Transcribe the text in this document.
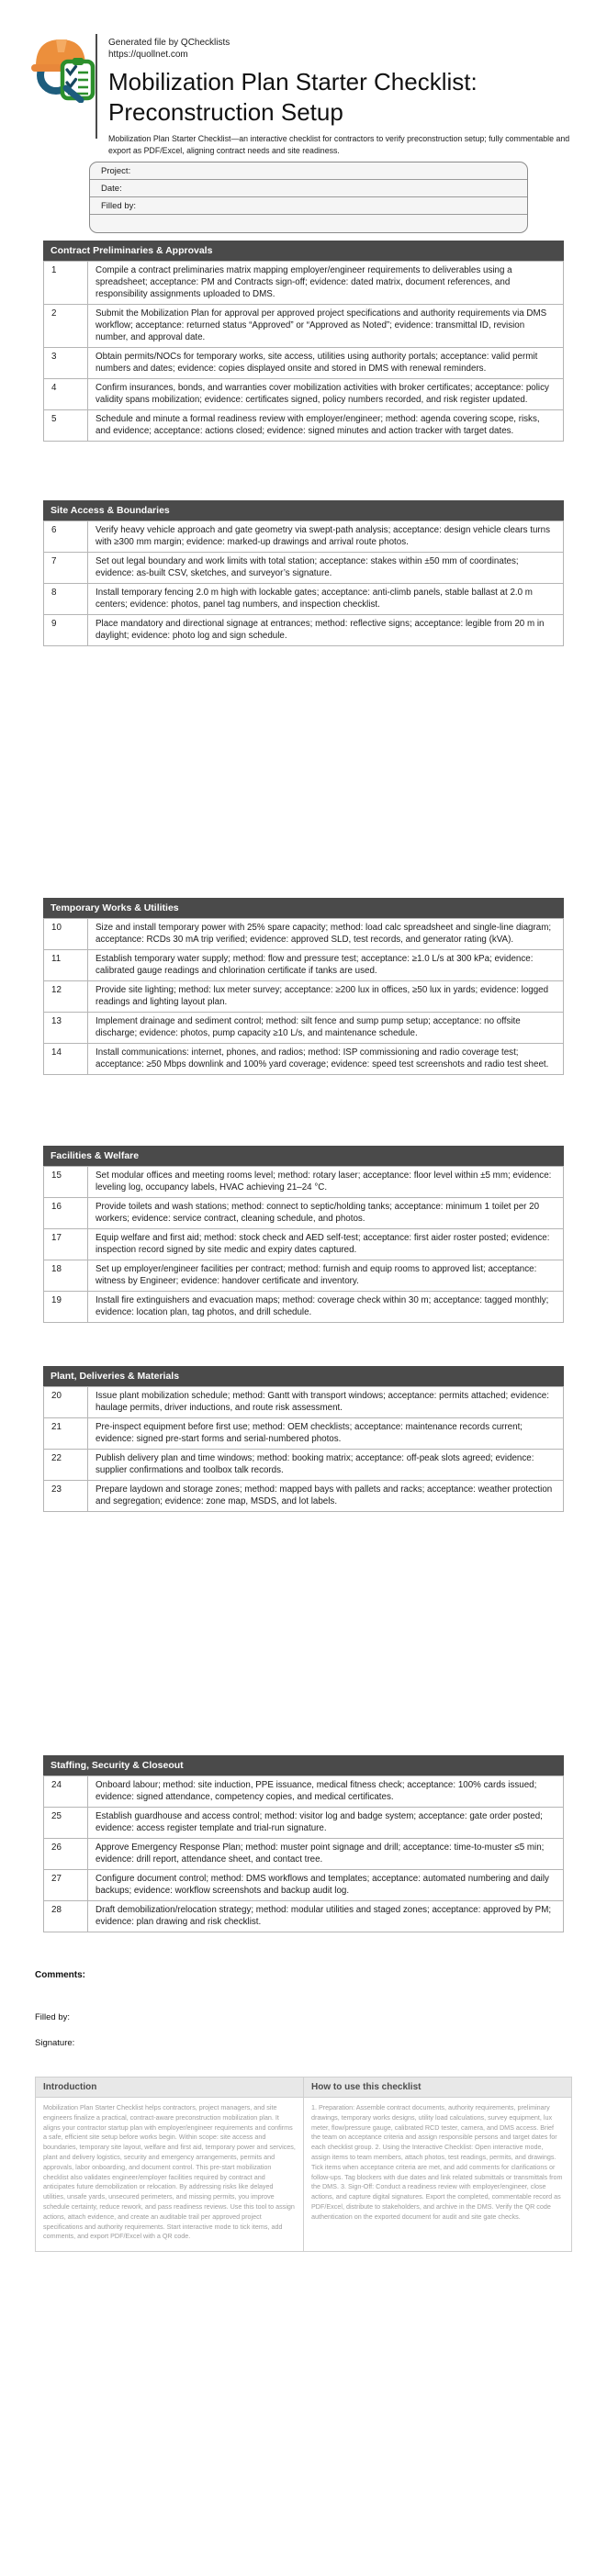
Generated file by QChecklists
https://quollnet.com
Mobilization Plan Starter Checklist: Preconstruction Setup
Mobilization Plan Starter Checklist—an interactive checklist for contractors to verify preconstruction setup; fully commentable and export as PDF/Excel, aligning contract needs and site readiness.
Project:
Date:
Filled by:
Contract Preliminaries & Approvals
1	Compile a contract preliminaries matrix mapping employer/engineer requirements to deliverables using a spreadsheet; acceptance: PM and Contracts sign-off; evidence: dated matrix, document references, and responsibility assignments uploaded to DMS.
2	Submit the Mobilization Plan for approval per approved project specifications and authority requirements via DMS workflow; acceptance: returned status “Approved” or “Approved as Noted”; evidence: transmittal ID, revision number, and approval date.
3	Obtain permits/NOCs for temporary works, site access, utilities using authority portals; acceptance: valid permit numbers and dates; evidence: copies displayed onsite and stored in DMS with renewal reminders.
4	Confirm insurances, bonds, and warranties cover mobilization activities with broker certificates; acceptance: policy validity spans mobilization; evidence: certificates signed, policy numbers recorded, and risk register updated.
5	Schedule and minute a formal readiness review with employer/engineer; method: agenda covering scope, risks, and evidence; acceptance: actions closed; evidence: signed minutes and action tracker with target dates.
Site Access & Boundaries
6	Verify heavy vehicle approach and gate geometry via swept-path analysis; acceptance: design vehicle clears turns with ≥300 mm margin; evidence: marked-up drawings and arrival route photos.
7	Set out legal boundary and work limits with total station; acceptance: stakes within ±50 mm of coordinates; evidence: as-built CSV, sketches, and surveyor’s signature.
8	Install temporary fencing 2.0 m high with lockable gates; acceptance: anti-climb panels, stable ballast at 2.0 m centers; evidence: photos, panel tag numbers, and inspection checklist.
9	Place mandatory and directional signage at entrances; method: reflective signs; acceptance: legible from 20 m in daylight; evidence: photo log and sign schedule.
Temporary Works & Utilities
10	Size and install temporary power with 25% spare capacity; method: load calc spreadsheet and single-line diagram; acceptance: RCDs 30 mA trip verified; evidence: approved SLD, test records, and generator rating (kVA).
11	Establish temporary water supply; method: flow and pressure test; acceptance: ≥1.0 L/s at 300 kPa; evidence: calibrated gauge readings and chlorination certificate if tanks are used.
12	Provide site lighting; method: lux meter survey; acceptance: ≥200 lux in offices, ≥50 lux in yards; evidence: logged readings and lighting layout plan.
13	Implement drainage and sediment control; method: silt fence and sump pump setup; acceptance: no offsite discharge; evidence: photos, pump capacity ≥10 L/s, and maintenance schedule.
14	Install communications: internet, phones, and radios; method: ISP commissioning and radio coverage test; acceptance: ≥50 Mbps downlink and 100% yard coverage; evidence: speed test screenshots and radio test sheet.
Facilities & Welfare
15	Set modular offices and meeting rooms level; method: rotary laser; acceptance: floor level within ±5 mm; evidence: leveling log, occupancy labels, HVAC achieving 21–24 °C.
16	Provide toilets and wash stations; method: connect to septic/holding tanks; acceptance: minimum 1 toilet per 20 workers; evidence: service contract, cleaning schedule, and photos.
17	Equip welfare and first aid; method: stock check and AED self-test; acceptance: first aider roster posted; evidence: inspection record signed by site medic and expiry dates captured.
18	Set up employer/engineer facilities per contract; method: furnish and equip rooms to approved list; acceptance: witness by Engineer; evidence: handover certificate and inventory.
19	Install fire extinguishers and evacuation maps; method: coverage check within 30 m; acceptance: tagged monthly; evidence: location plan, tag photos, and drill schedule.
Plant, Deliveries & Materials
20	Issue plant mobilization schedule; method: Gantt with transport windows; acceptance: permits attached; evidence: haulage permits, driver inductions, and route risk assessment.
21	Pre-inspect equipment before first use; method: OEM checklists; acceptance: maintenance records current; evidence: signed pre-start forms and serial-numbered photos.
22	Publish delivery plan and time windows; method: booking matrix; acceptance: off-peak slots agreed; evidence: supplier confirmations and toolbox talk records.
23	Prepare laydown and storage zones; method: mapped bays with pallets and racks; acceptance: weather protection and segregation; evidence: zone map, MSDS, and lot labels.
Staffing, Security & Closeout
24	Onboard labour; method: site induction, PPE issuance, medical fitness check; acceptance: 100% cards issued; evidence: signed attendance, competency copies, and medical certificates.
25	Establish guardhouse and access control; method: visitor log and badge system; acceptance: gate order posted; evidence: access register template and trial-run signature.
26	Approve Emergency Response Plan; method: muster point signage and drill; acceptance: time-to-muster ≤5 min; evidence: drill report, attendance sheet, and contact tree.
27	Configure document control; method: DMS workflows and templates; acceptance: automated numbering and daily backups; evidence: workflow screenshots and backup audit log.
28	Draft demobilization/relocation strategy; method: modular utilities and staged zones; acceptance: approved by PM; evidence: plan drawing and risk checklist.
Comments:
Filled by:
Signature:
Introduction	How to use this checklist
Mobilization Plan Starter Checklist helps contractors, project managers, and site engineers finalize a practical, contract-aware preconstruction mobilization plan. It aligns your contractor startup plan with employer/engineer requirements and confirms a safe, efficient site setup before works begin. Within scope: site access and boundaries, temporary site layout, welfare and first aid, temporary power and services, plant and delivery logistics, security and emergency arrangements, permits and approvals, labor onboarding, and document control. This pre-start mobilization checklist also validates engineer/employer facilities required by contract and anticipates future demobilization or relocation. By addressing risks like delayed utilities, unsafe yards, unsecured perimeters, and missing permits, you improve schedule certainty, reduce rework, and pass readiness reviews. Use this tool to assign actions, attach evidence, and create an auditable trail per approved project specifications and authority requirements. Start interactive mode to tick items, add comments, and export PDF/Excel with a QR code.	1. Preparation: Assemble contract documents, authority requirements, preliminary drawings, temporary works designs, utility load calculations, survey equipment, lux meter, flow/pressure gauge, calibrated RCD tester, camera, and DMS access. Brief the team on acceptance criteria and assign responsible persons and target dates for each checklist group. 2. Using the Interactive Checklist: Open interactive mode, assign items to team members, attach photos, test readings, permits, and drawings. Tick items when acceptance criteria are met, and add comments for clarifications or follow-ups. Tag blockers with due dates and link related submittals or transmittals from the DMS. 3. Sign-Off: Conduct a readiness review with employer/engineer, close actions, and capture digital signatures. Export the completed, commentable record as PDF/Excel, distribute to stakeholders, and archive in the DMS. Verify the QR code authentication on the exported document for audit and site gate checks.
